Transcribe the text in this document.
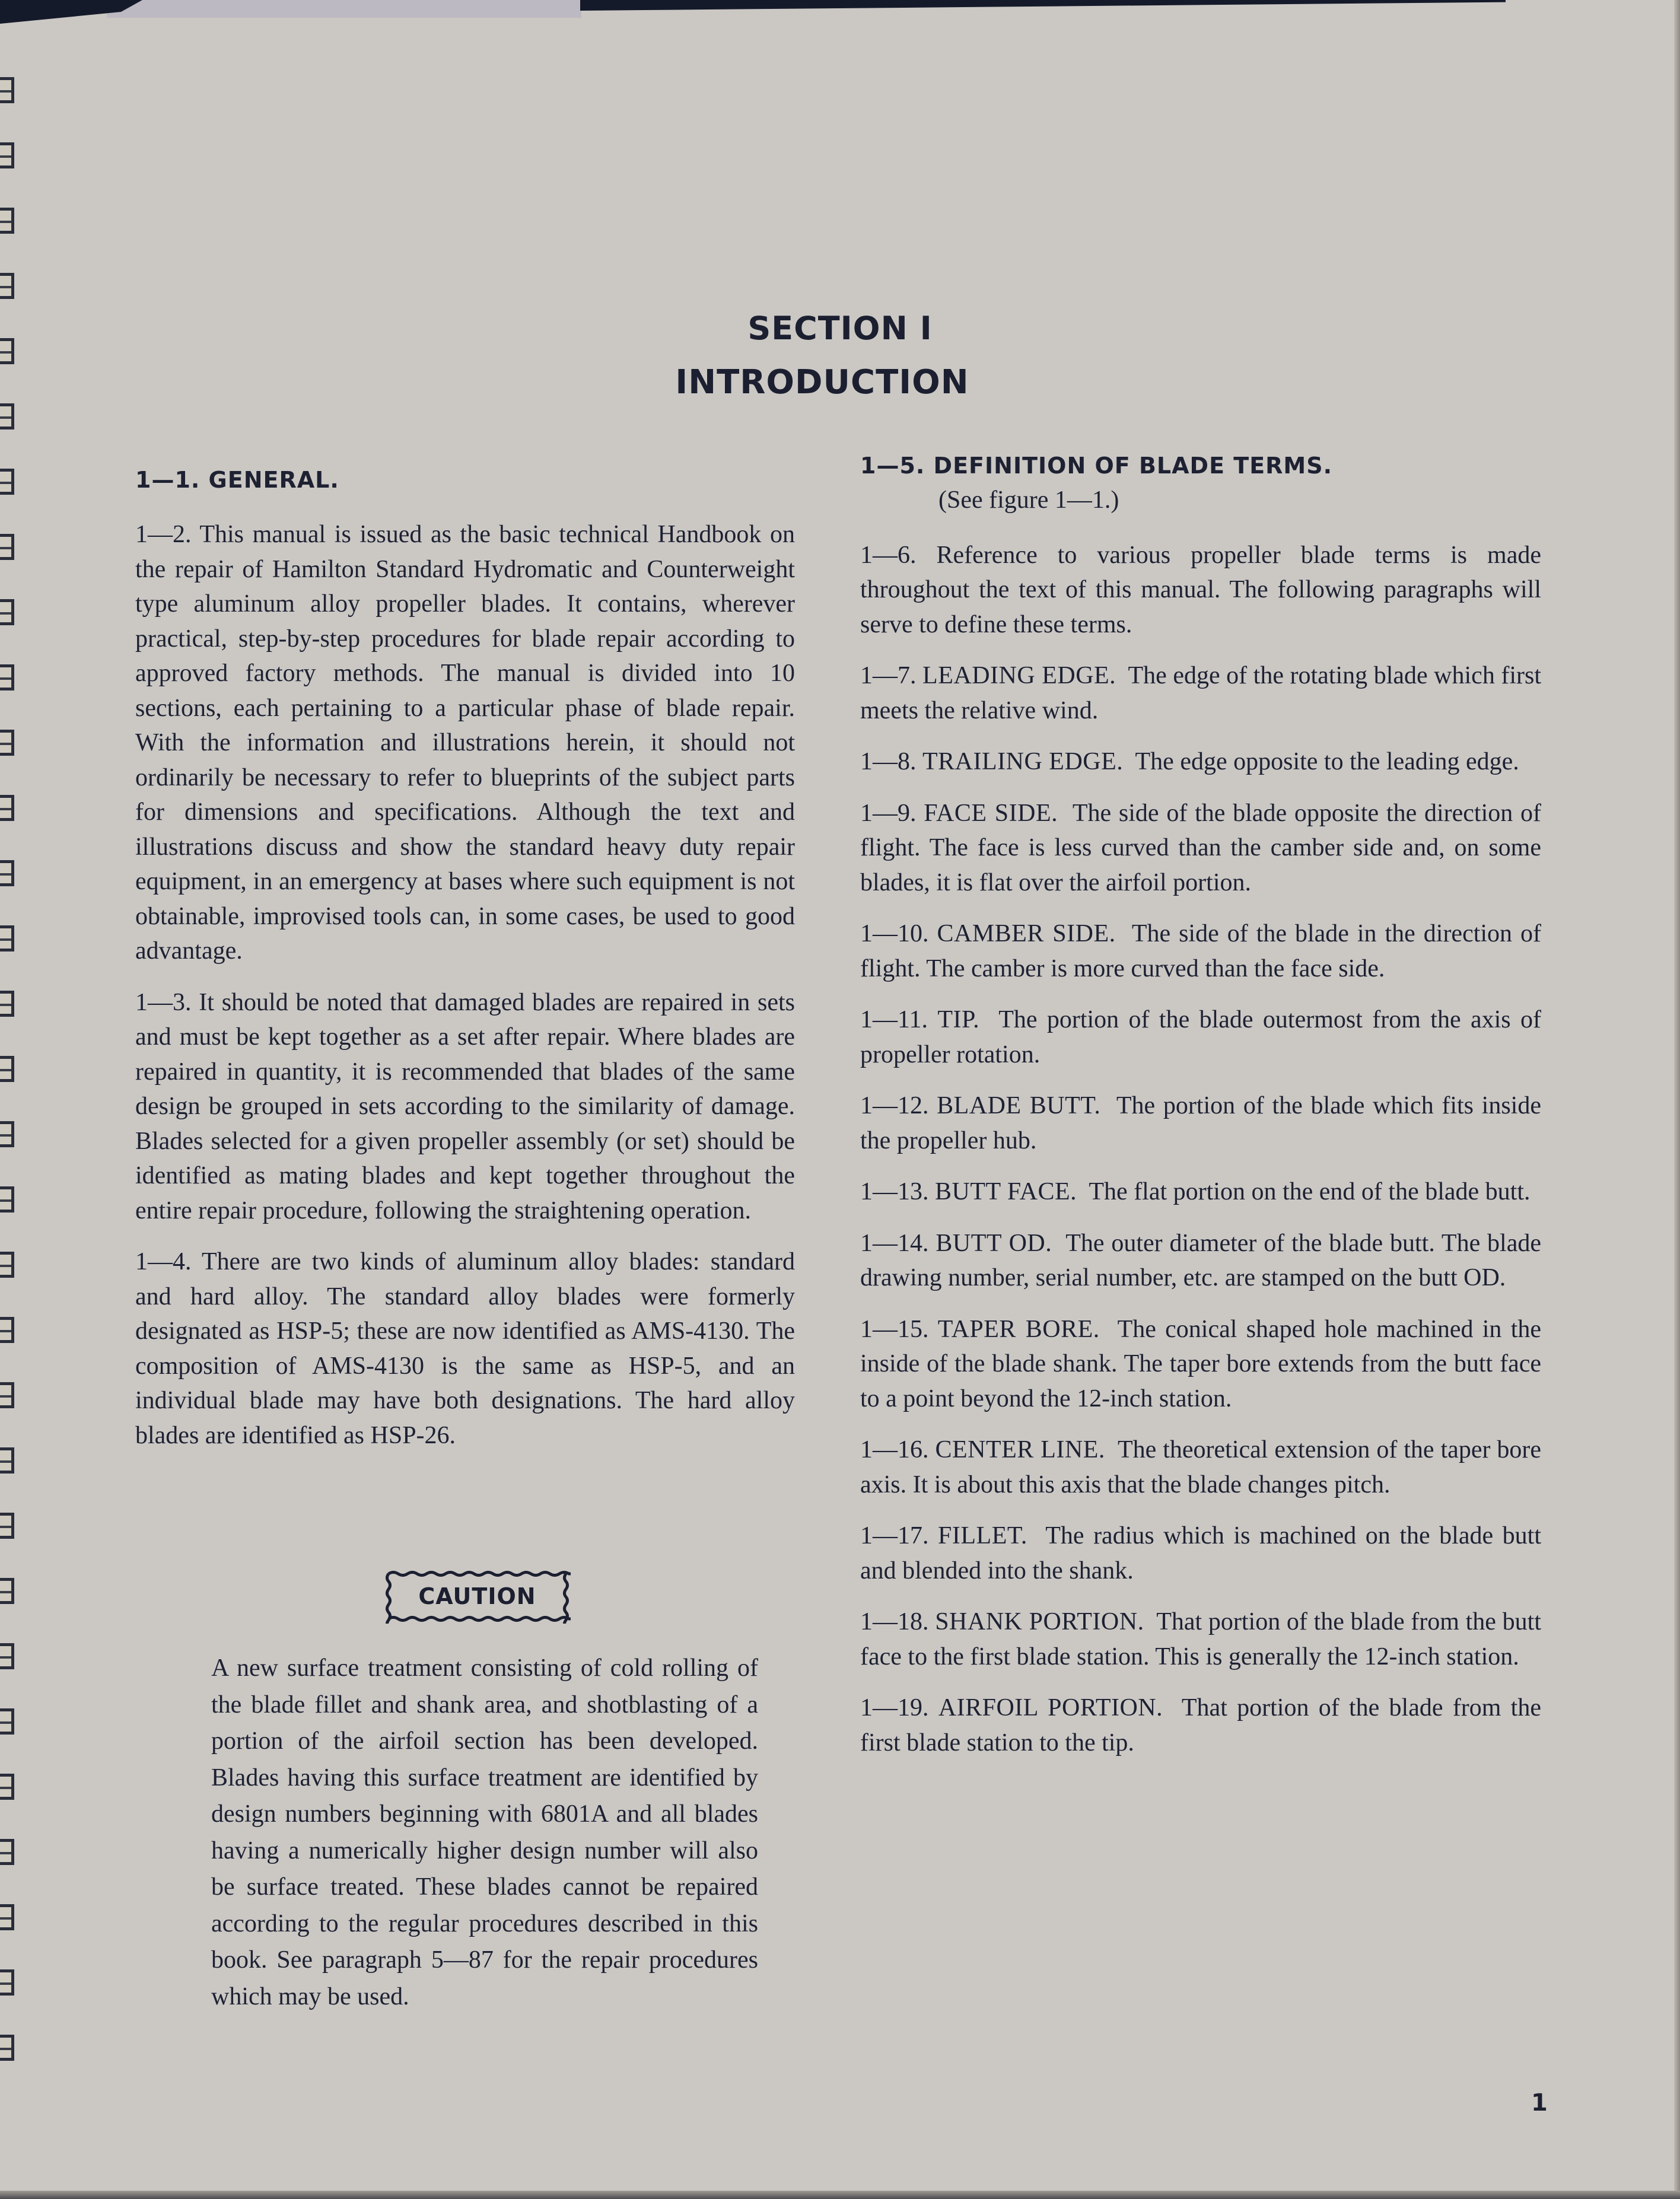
SECTION I
INTRODUCTION
1—1. GENERAL.

1—2. This manual is issued as the basic technical Handbook on the repair of Hamilton Standard Hydromatic and Counterweight type aluminum alloy propeller blades. It contains, wherever practical, step-by-step procedures for blade repair according to approved factory methods. The manual is divided into 10 sections, each pertaining to a particular phase of blade repair. With the information and illustrations herein, it should not ordinarily be necessary to refer to blueprints of the subject parts for dimensions and specifications. Although the text and illustrations discuss and show the standard heavy duty repair equipment, in an emergency at bases where such equipment is not obtainable, improvised tools can, in some cases, be used to good advantage.

1—3. It should be noted that damaged blades are repaired in sets and must be kept together as a set after repair. Where blades are repaired in quantity, it is recommended that blades of the same design be grouped in sets according to the similarity of damage. Blades selected for a given propeller assembly (or set) should be identified as mating blades and kept together throughout the entire repair procedure, following the straightening operation.

1—4. There are two kinds of aluminum alloy blades: standard and hard alloy. The standard alloy blades were formerly designated as HSP-5; these are now identified as AMS-4130. The composition of AMS-4130 is the same as HSP-5, and an individual blade may have both designations. The hard alloy blades are identified as HSP-26.

CAUTION

A new surface treatment consisting of cold rolling of the blade fillet and shank area, and shotblasting of a portion of the airfoil section has been developed. Blades having this surface treatment are identified by design numbers beginning with 6801A and all blades having a numerically higher design number will also be surface treated. These blades cannot be repaired according to the regular procedures described in this book. See paragraph 5—87 for the repair procedures which may be used.

1—5. DEFINITION OF BLADE TERMS.
(See figure 1—1.)

1—6. Reference to various propeller blade terms is made throughout the text of this manual. The following paragraphs will serve to define these terms.

1—7. LEADING EDGE. The edge of the rotating blade which first meets the relative wind.

1—8. TRAILING EDGE. The edge opposite to the leading edge.

1—9. FACE SIDE. The side of the blade opposite the direction of flight. The face is less curved than the camber side and, on some blades, it is flat over the airfoil portion.

1—10. CAMBER SIDE. The side of the blade in the direction of flight. The camber is more curved than the face side.

1—11. TIP. The portion of the blade outermost from the axis of propeller rotation.

1—12. BLADE BUTT. The portion of the blade which fits inside the propeller hub.

1—13. BUTT FACE. The flat portion on the end of the blade butt.

1—14. BUTT OD. The outer diameter of the blade butt. The blade drawing number, serial number, etc. are stamped on the butt OD.

1—15. TAPER BORE. The conical shaped hole machined in the inside of the blade shank. The taper bore extends from the butt face to a point beyond the 12-inch station.

1—16. CENTER LINE. The theoretical extension of the taper bore axis. It is about this axis that the blade changes pitch.

1—17. FILLET. The radius which is machined on the blade butt and blended into the shank.

1—18. SHANK PORTION. That portion of the blade from the butt face to the first blade station. This is generally the 12-inch station.

1—19. AIRFOIL PORTION. That portion of the blade from the first blade station to the tip.

1
